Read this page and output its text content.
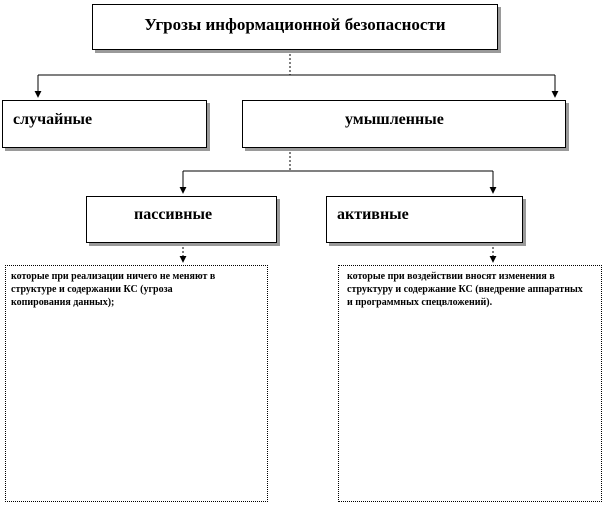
Угрозы информационной безопасности
случайные	умышленные
пассивные	активные
которые при реализации ничего не меняют в структуре и содержании КС (угроза копирования данных);
которые при воздействии вносят изменения в структуру и содержание КС (внедрение аппаратных и программных спецвложений).
